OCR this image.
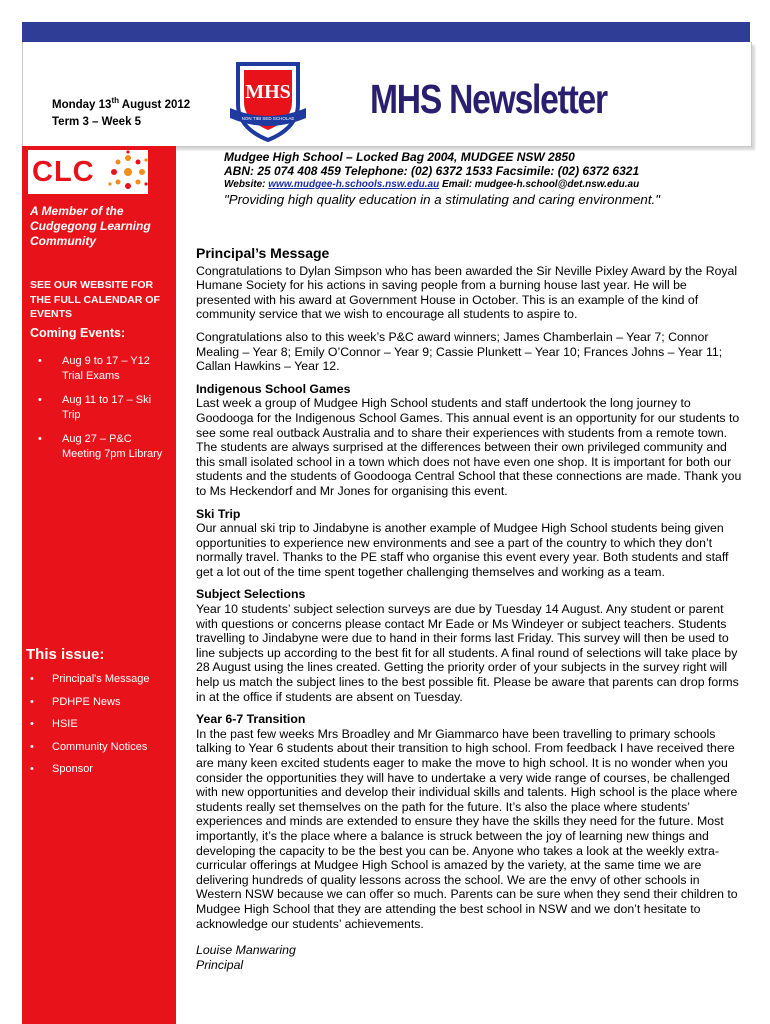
Monday 13th August 2012
Term 3 – Week 5
MHS
NON TIBI SED SCHOLAE MHS Newsletter
CLC
A Member of the Cudgegong Learning Community
SEE OUR WEBSITE FOR THE FULL CALENDAR OF EVENTS
Coming Events:
• Aug 9 to 17 – Y12 Trial Exams
• Aug 11 to 17 – Ski Trip
• Aug 27 – P&C Meeting 7pm Library
This issue:
• Principal's Message
• PDHPE News
• HSIE
• Community Notices
• Sponsor
Mudgee High School – Locked Bag 2004, MUDGEE NSW 2850
ABN: 25 074 408 459 Telephone: (02) 6372 1533 Facsimile: (02) 6372 6321
Website: www.mudgee-h.schools.nsw.edu.au Email: mudgee-h.school@det.nsw.edu.au
"Providing high quality education in a stimulating and caring environment."
Principal’s Message

Congratulations to Dylan Simpson who has been awarded the Sir Neville Pixley Award by the Royal Humane Society for his actions in saving people from a burning house last year. He will be presented with his award at Government House in October. This is an example of the kind of community service that we wish to encourage all students to aspire to.

Congratulations also to this week’s P&C award winners; James Chamberlain – Year 7; Connor Mealing – Year 8; Emily O’Connor – Year 9; Cassie Plunkett – Year 10; Frances Johns – Year 11; Callan Hawkins – Year 12.

Indigenous School Games

Last week a group of Mudgee High School students and staff undertook the long journey to Goodooga for the Indigenous School Games. This annual event is an opportunity for our students to see some real outback Australia and to share their experiences with students from a remote town. The students are always surprised at the differences between their own privileged community and this small isolated school in a town which does not have even one shop. It is important for both our students and the students of Goodooga Central School that these connections are made. Thank you to Ms Heckendorf and Mr Jones for organising this event.

Ski Trip

Our annual ski trip to Jindabyne is another example of Mudgee High School students being given opportunities to experience new environments and see a part of the country to which they don’t normally travel. Thanks to the PE staff who organise this event every year. Both students and staff get a lot out of the time spent together challenging themselves and working as a team.

Subject Selections

Year 10 students’ subject selection surveys are due by Tuesday 14 August. Any student or parent with questions or concerns please contact Mr Eade or Ms Windeyer or subject teachers. Students travelling to Jindabyne were due to hand in their forms last Friday. This survey will then be used to line subjects up according to the best fit for all students. A final round of selections will take place by 28 August using the lines created. Getting the priority order of your subjects in the survey right will help us match the subject lines to the best possible fit. Please be aware that parents can drop forms in at the office if students are absent on Tuesday.

Year 6-7 Transition

In the past few weeks Mrs Broadley and Mr Giammarco have been travelling to primary schools talking to Year 6 students about their transition to high school. From feedback I have received there are many keen excited students eager to make the move to high school. It is no wonder when you consider the opportunities they will have to undertake a very wide range of courses, be challenged with new opportunities and develop their individual skills and talents. High school is the place where students really set themselves on the path for the future. It’s also the place where students’ experiences and minds are extended to ensure they have the skills they need for the future. Most importantly, it’s the place where a balance is struck between the joy of learning new things and developing the capacity to be the best you can be. Anyone who takes a look at the weekly extra-curricular offerings at Mudgee High School is amazed by the variety, at the same time we are delivering hundreds of quality lessons across the school. We are the envy of other schools in Western NSW because we can offer so much. Parents can be sure when they send their children to Mudgee High School that they are attending the best school in NSW and we don’t hesitate to acknowledge our students’ achievements.

Louise Manwaring
Principal
